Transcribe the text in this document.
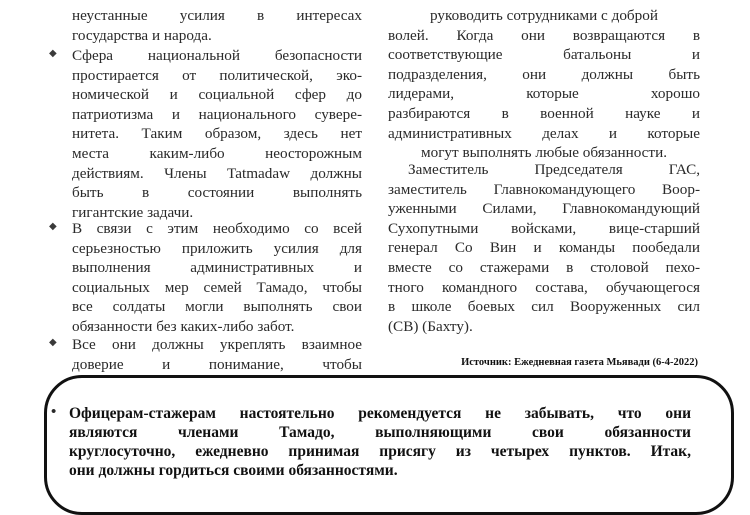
неустанные усилия в интересах
государства и народа.
◆ Сфера национальной безопасности
простирается от политической, эко-
номической и социальной сфер до
патриотизма и национального сувере-
нитета. Таким образом, здесь нет
места каким-либо неосторожным
действиям. Члены Tatmadaw должны
быть в состоянии выполнять
гигантские задачи.
◆ В связи с этим необходимо со всей
серьезностью приложить усилия для
выполнения административных и
социальных мер семей Тамадо, чтобы
все солдаты могли выполнять свои
обязанности без каких-либо забот.
◆ Все они должны укреплять взаимное
доверие и понимание, чтобы
руководить сотрудниками с доброй
волей. Когда они возвращаются в
соответствующие батальоны и
подразделения, они должны быть
лидерами, которые хорошо
разбираются в военной науке и
административных делах и которые
могут выполнять любые обязанности.
Заместитель Председателя ГАС,
заместитель Главнокомандующего Воор-
уженными Силами, Главнокомандующий
Сухопутными войсками, вице-старший
генерал Со Вин и команды пообедали
вместе со стажерами в столовой пехо-
тного командного состава, обучающегося
в школе боевых сил Вооруженных сил
(СВ) (Бахту).
Источник: Ежедневная газета Мьявади (6-4-2022)
• Офицерам-стажерам настоятельно рекомендуется не забывать, что они
являются членами Тамадо, выполняющими свои обязанности
круглосуточно, ежедневно принимая присягу из четырех пунктов. Итак,
они должны гордиться своими обязанностями.
